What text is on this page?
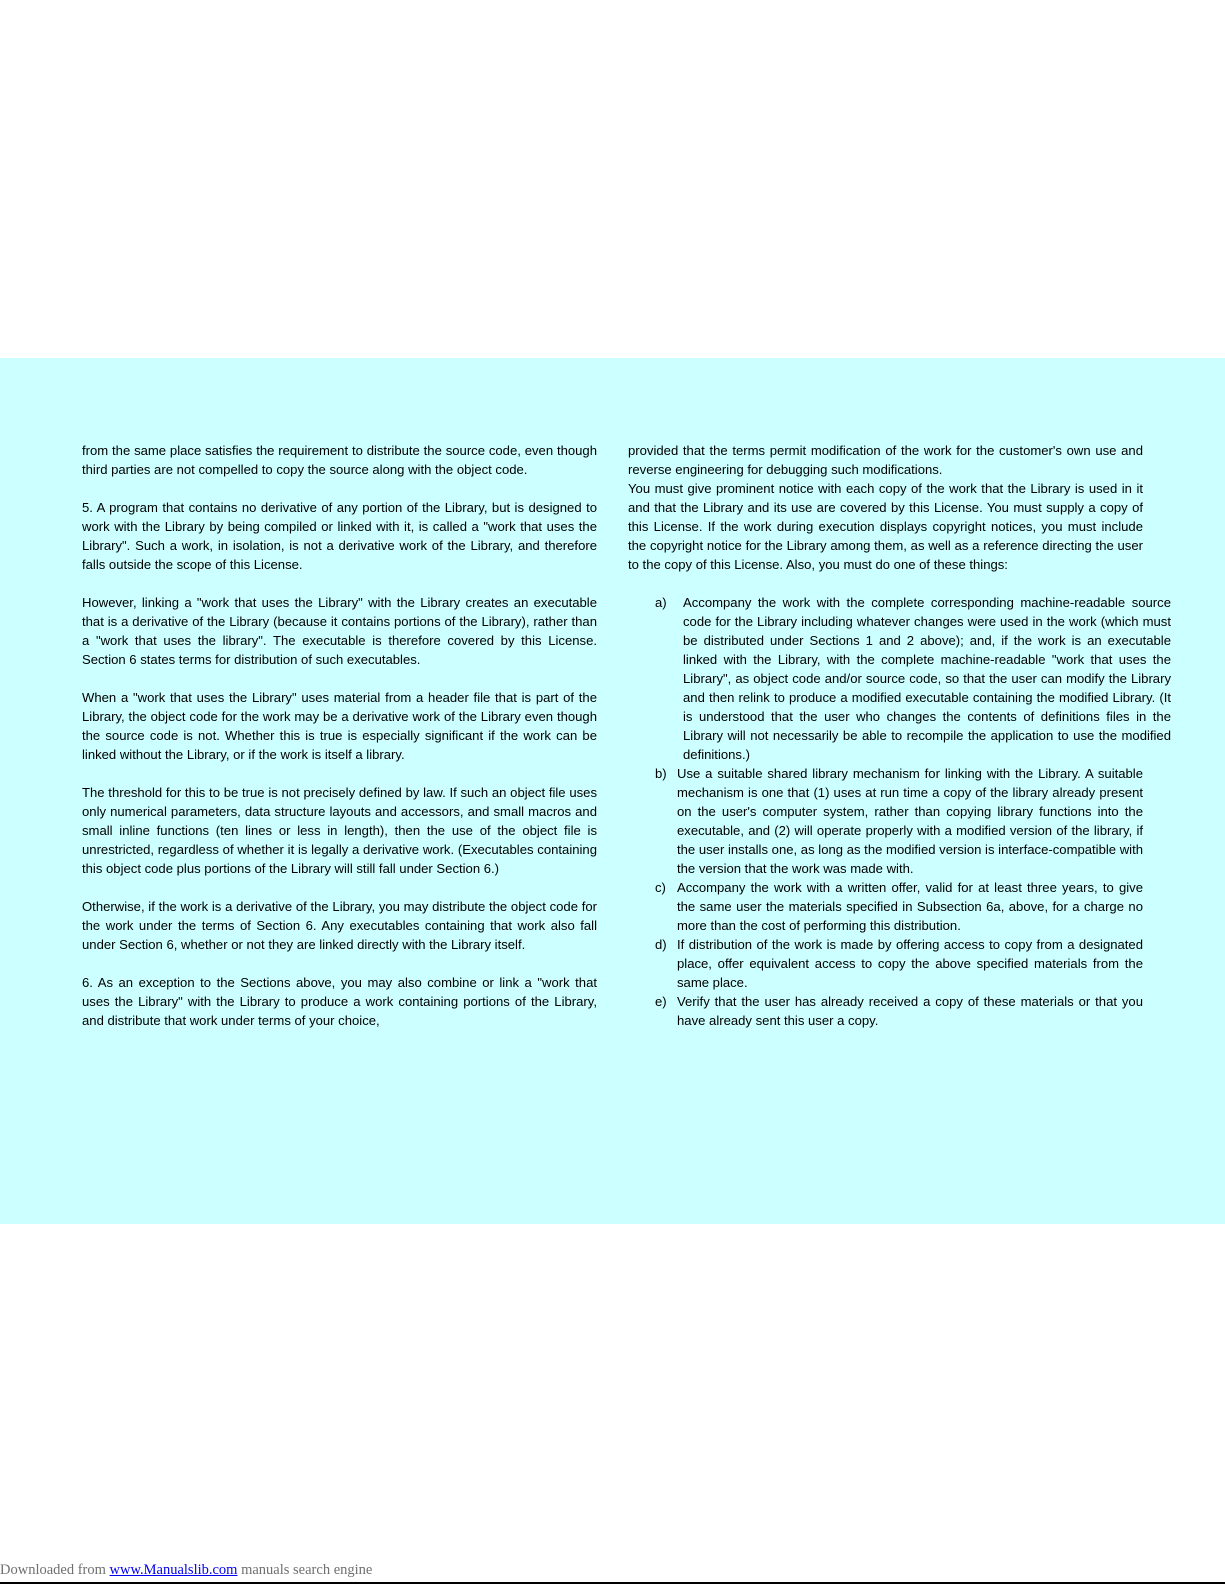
from the same place satisfies the requirement to distribute the source code, even though third parties are not compelled to copy the source along with the object code.

5. A program that contains no derivative of any portion of the Library, but is designed to work with the Library by being compiled or linked with it, is called a "work that uses the Library". Such a work, in isolation, is not a derivative work of the Library, and therefore falls outside the scope of this License.

However, linking a "work that uses the Library" with the Library creates an executable that is a derivative of the Library (because it contains portions of the Library), rather than a "work that uses the library". The executable is therefore covered by this License. Section 6 states terms for distribution of such executables.

When a "work that uses the Library" uses material from a header file that is part of the Library, the object code for the work may be a derivative work of the Library even though the source code is not. Whether this is true is especially significant if the work can be linked without the Library, or if the work is itself a library.

The threshold for this to be true is not precisely defined by law. If such an object file uses only numerical parameters, data structure layouts and accessors, and small macros and small inline functions (ten lines or less in length), then the use of the object file is unrestricted, regardless of whether it is legally a derivative work. (Executables containing this object code plus portions of the Library will still fall under Section 6.)

Otherwise, if the work is a derivative of the Library, you may distribute the object code for the work under the terms of Section 6. Any executables containing that work also fall under Section 6, whether or not they are linked directly with the Library itself.

6. As an exception to the Sections above, you may also combine or link a "work that uses the Library" with the Library to produce a work containing portions of the Library, and distribute that work under terms of your choice,

provided that the terms permit modification of the work for the customer's own use and reverse engineering for debugging such modifications.

You must give prominent notice with each copy of the work that the Library is used in it and that the Library and its use are covered by this License. You must supply a copy of this License. If the work during execution displays copyright notices, you must include the copyright notice for the Library among them, as well as a reference directing the user to the copy of this License. Also, you must do one of these things:

a) Accompany the work with the complete corresponding machine-readable source code for the Library including whatever changes were used in the work (which must be distributed under Sections 1 and 2 above); and, if the work is an executable linked with the Library, with the complete machine-readable "work that uses the Library", as object code and/or source code, so that the user can modify the Library and then relink to produce a modified executable containing the modified Library. (It is understood that the user who changes the contents of definitions files in the Library will not necessarily be able to recompile the application to use the modified definitions.)
b) Use a suitable shared library mechanism for linking with the Library. A suitable mechanism is one that (1) uses at run time a copy of the library already present on the user's computer system, rather than copying library functions into the executable, and (2) will operate properly with a modified version of the library, if the user installs one, as long as the modified version is interface-compatible with the version that the work was made with.
c) Accompany the work with a written offer, valid for at least three years, to give the same user the materials specified in Subsection 6a, above, for a charge no more than the cost of performing this distribution.
d) If distribution of the work is made by offering access to copy from a designated place, offer equivalent access to copy the above specified materials from the same place.
e) Verify that the user has already received a copy of these materials or that you have already sent this user a copy.
Downloaded from www.Manualslib.com manuals search engine
